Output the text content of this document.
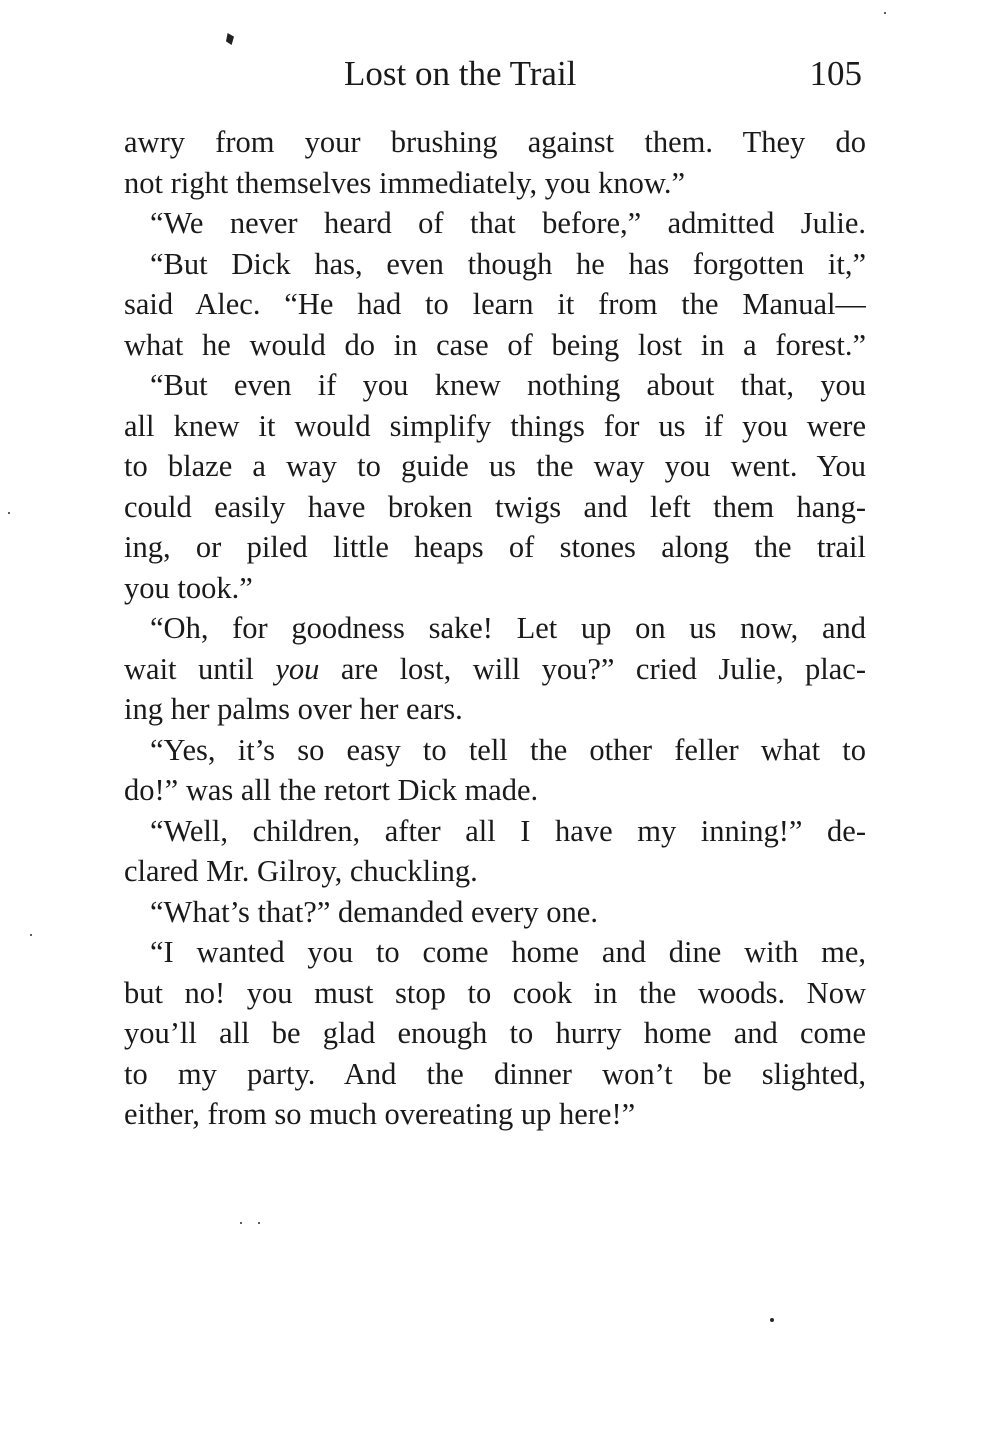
Lost on the Trail	105
awry from your brushing against them. They do
not right themselves immediately, you know.”
“We never heard of that before,” admitted Julie.
“But Dick has, even though he has forgotten it,”
said Alec. “He had to learn it from the Manual—
what he would do in case of being lost in a forest.”
“But even if you knew nothing about that, you
all knew it would simplify things for us if you were
to blaze a way to guide us the way you went. You
could easily have broken twigs and left them hang-
ing, or piled little heaps of stones along the trail
you took.”
“Oh, for goodness sake! Let up on us now, and
wait until you are lost, will you?” cried Julie, plac-
ing her palms over her ears.
“Yes, it’s so easy to tell the other feller what to
do!” was all the retort Dick made.
“Well, children, after all I have my inning!” de-
clared Mr. Gilroy, chuckling.
“What’s that?” demanded every one.
“I wanted you to come home and dine with me,
but no! you must stop to cook in the woods. Now
you’ll all be glad enough to hurry home and come
to my party. And the dinner won’t be slighted,
either, from so much overeating up here!”
